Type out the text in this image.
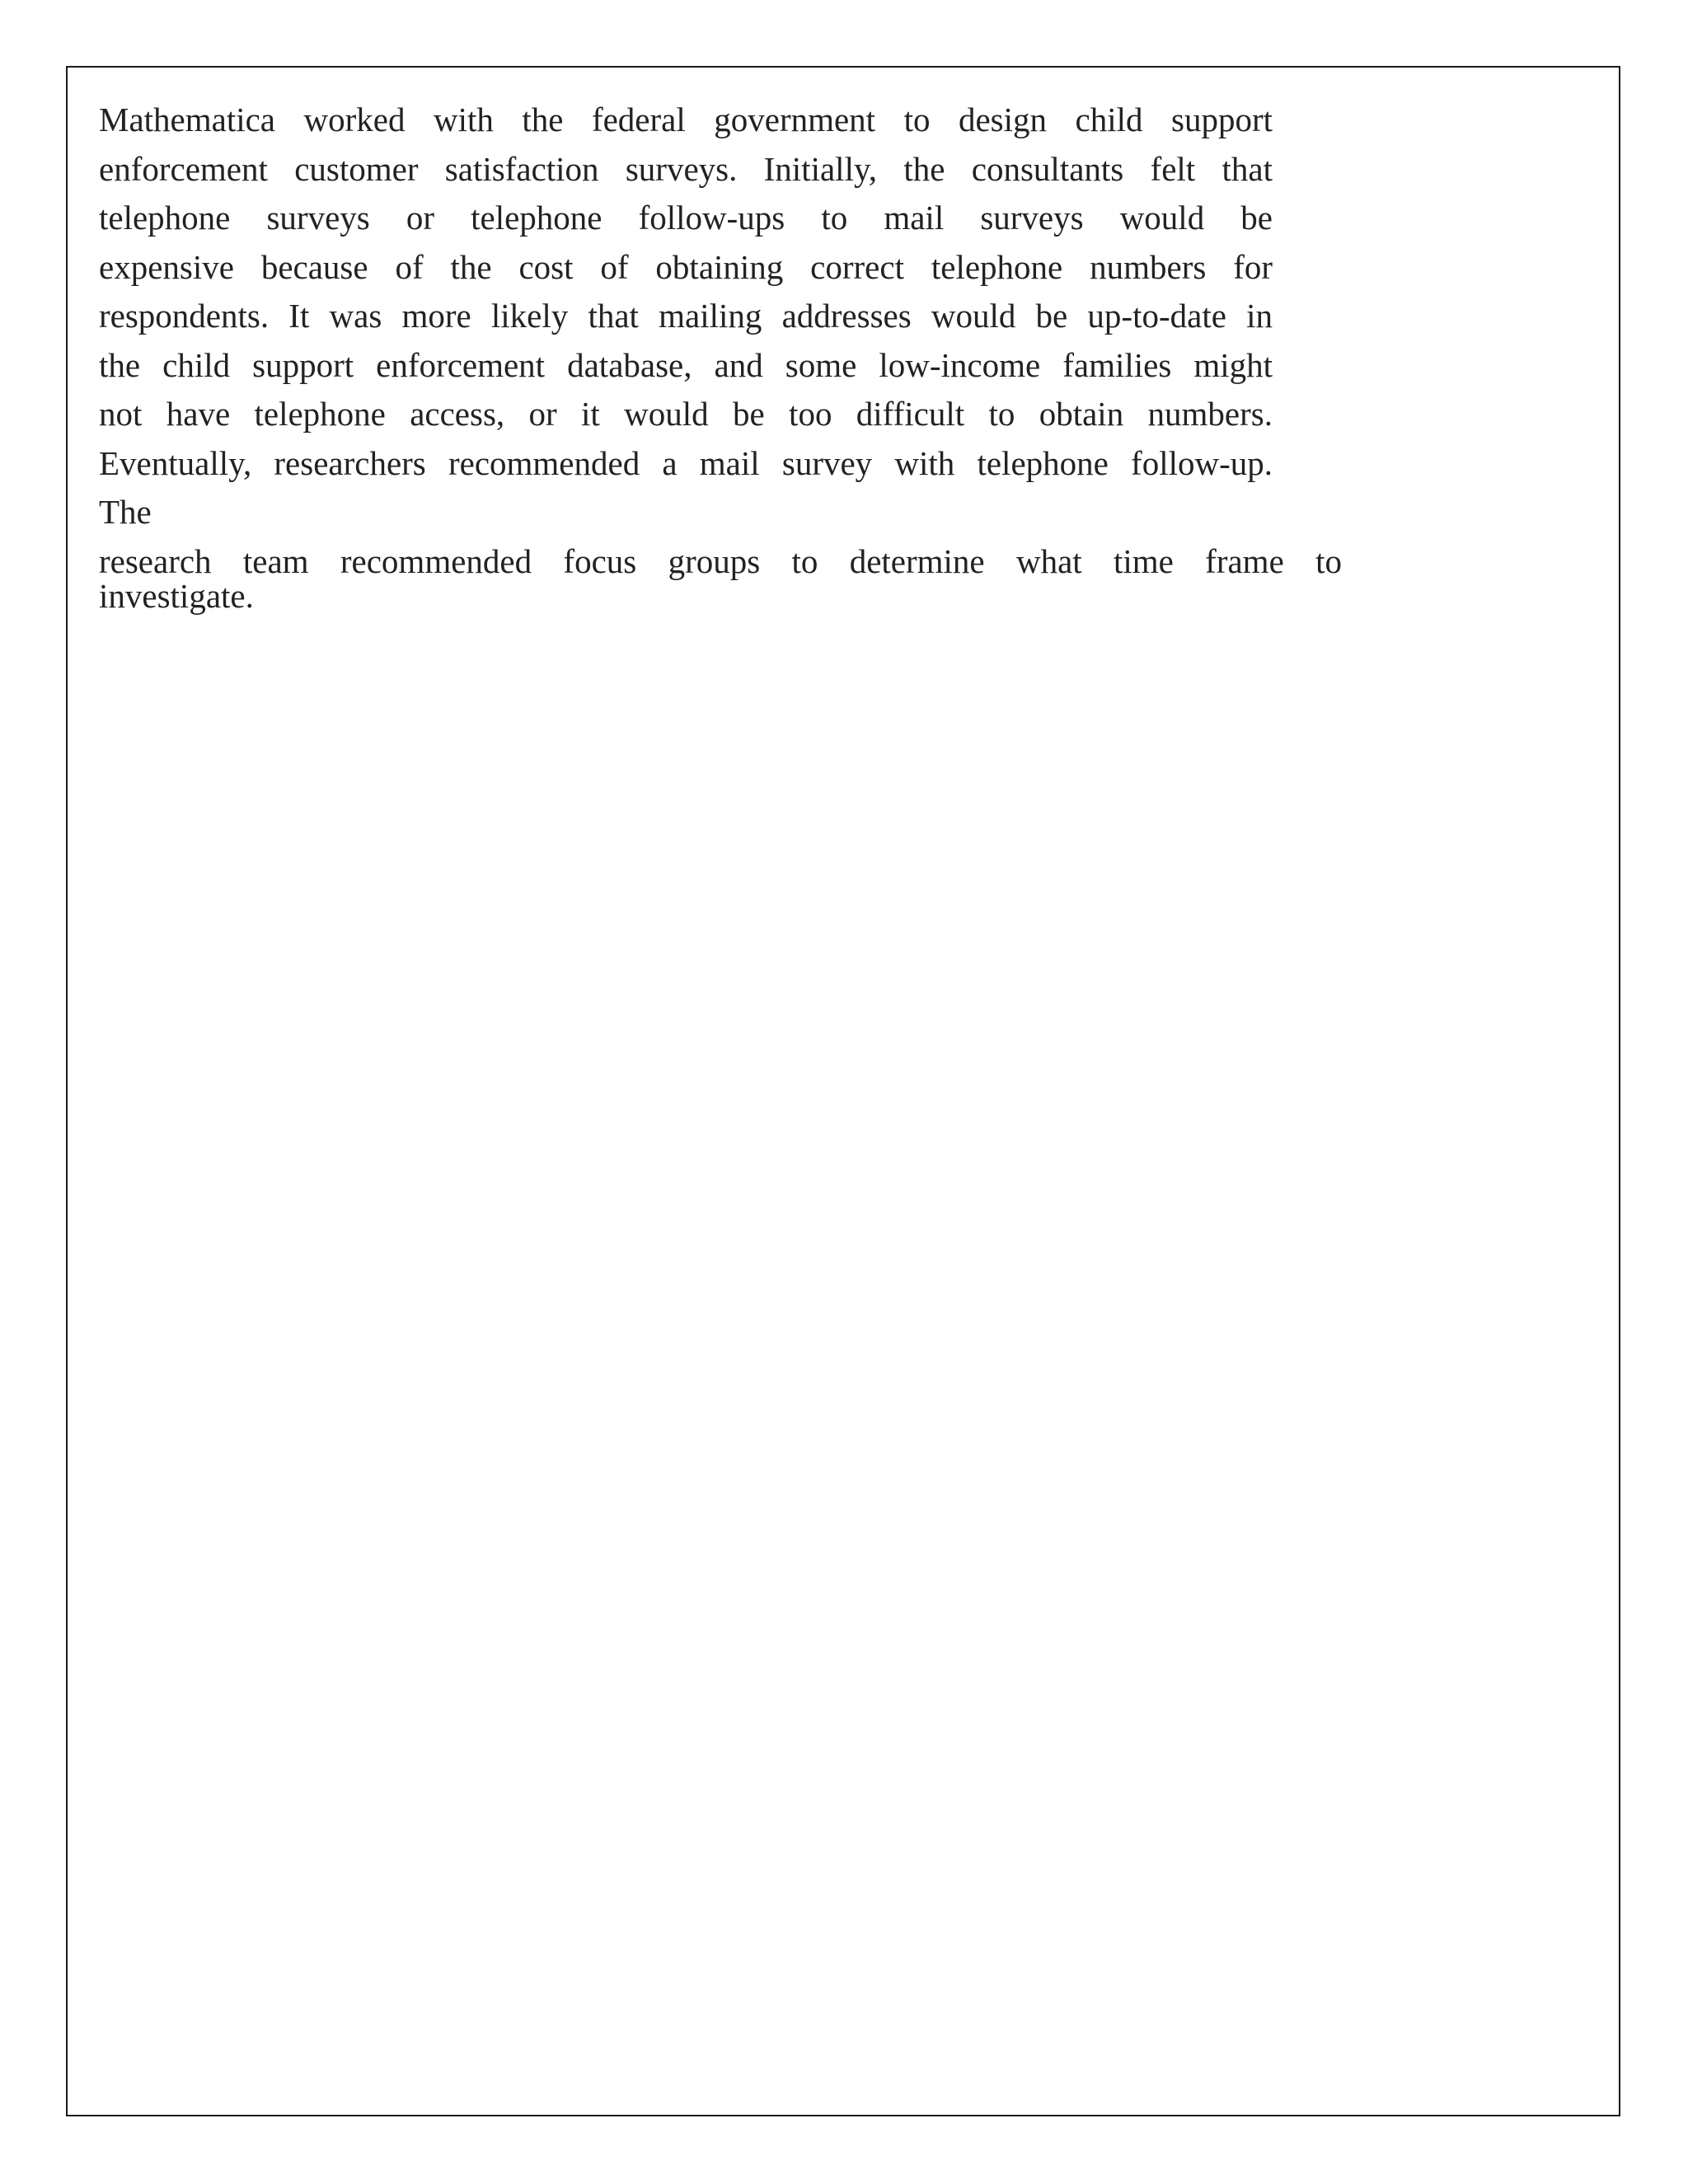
Mathematica worked with the federal government to design child support
enforcement customer satisfaction surveys. Initially, the consultants felt that
telephone surveys or telephone follow-ups to mail surveys would be
expensive because of the cost of obtaining correct telephone numbers for
respondents. It was more likely that mailing addresses would be up-to-date in
the child support enforcement database, and some low-income families might
not have telephone access, or it would be too difficult to obtain numbers.
Eventually, researchers recommended a mail survey with telephone follow-up.
The
research team recommended focus groups to determine what time frame to
investigate.
